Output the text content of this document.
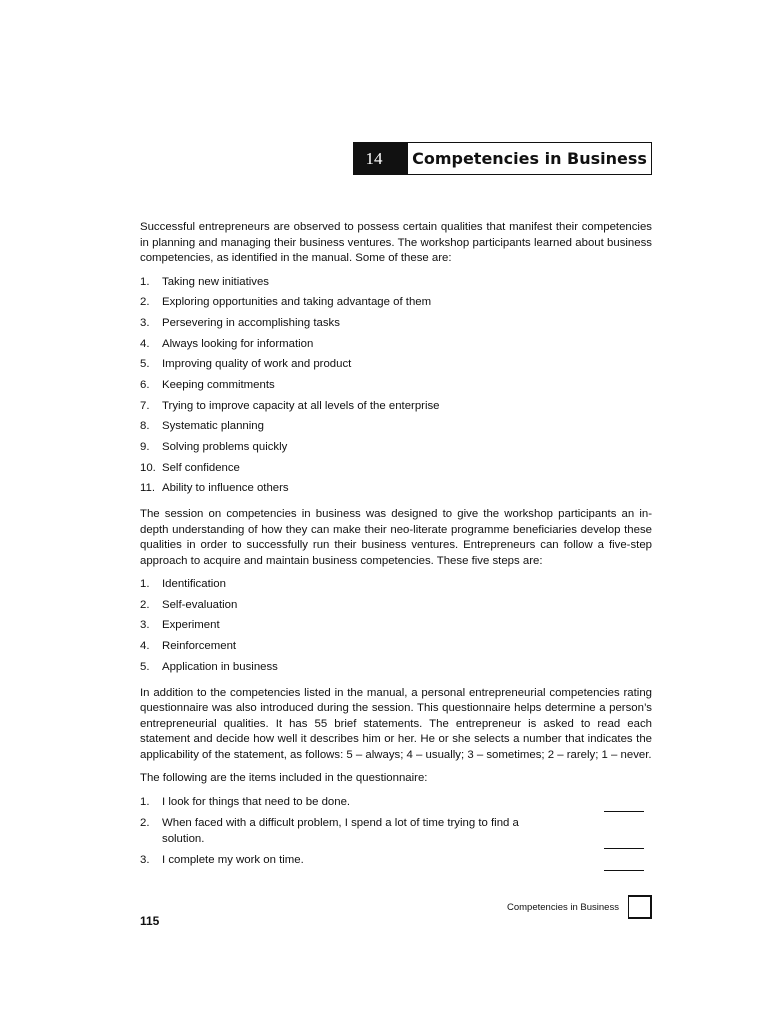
14	Competencies in Business

Successful entrepreneurs are observed to possess certain qualities that manifest their competencies in planning and managing their business ventures. The workshop participants learned about business competencies, as identified in the manual. Some of these are:

1. Taking new initiatives
2. Exploring opportunities and taking advantage of them
3. Persevering in accomplishing tasks
4. Always looking for information
5. Improving quality of work and product
6. Keeping commitments
7. Trying to improve capacity at all levels of the enterprise
8. Systematic planning
9. Solving problems quickly
10. Self confidence
11. Ability to influence others

The session on competencies in business was designed to give the workshop participants an in-depth understanding of how they can make their neo-literate programme beneficiaries develop these qualities in order to successfully run their business ventures. Entrepreneurs can follow a five-step approach to acquire and maintain business competencies. These five steps are:

1. Identification
2. Self-evaluation
3. Experiment
4. Reinforcement
5. Application in business

In addition to the competencies listed in the manual, a personal entrepreneurial competencies rating questionnaire was also introduced during the session. This questionnaire helps determine a person’s entrepreneurial qualities. It has 55 brief statements. The entrepreneur is asked to read each statement and decide how well it describes him or her. He or she selects a number that indicates the applicability of the statement, as follows: 5 – always; 4 – usually; 3 – sometimes; 2 – rarely; 1 – never.

The following are the items included in the questionnaire:

1. I look for things that need to be done.
2. When faced with a difficult problem, I spend a lot of time trying to find a solution.
3. I complete my work on time.
Competencies in Business
115
